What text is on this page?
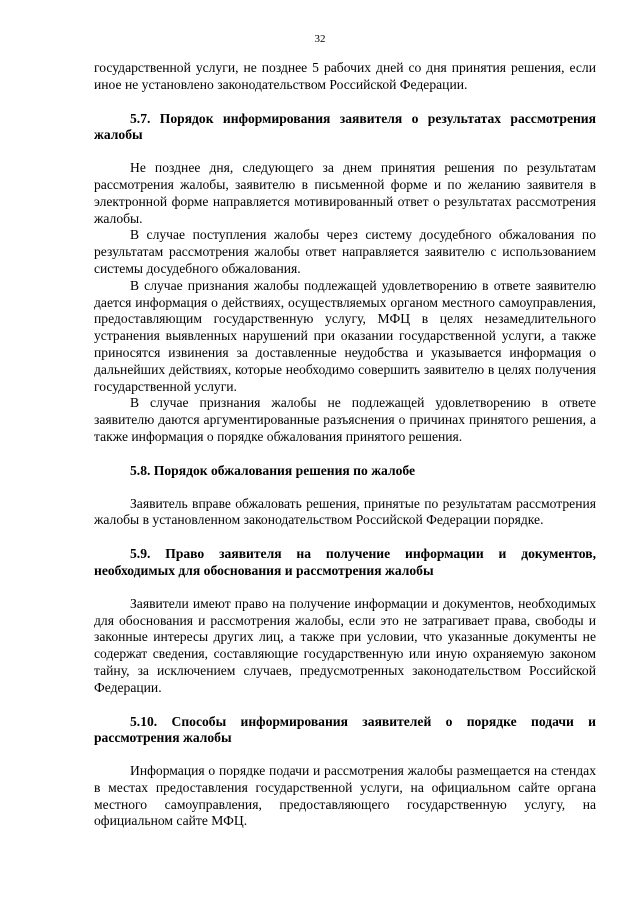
32

государственной услуги, не позднее 5 рабочих дней со дня принятия решения, если иное не установлено законодательством Российской Федерации.

5.7. Порядок информирования заявителя о результатах рассмотрения жалобы

Не позднее дня, следующего за днем принятия решения по результатам рассмотрения жалобы, заявителю в письменной форме и по желанию заявителя в электронной форме направляется мотивированный ответ о результатах рассмотрения жалобы.

В случае поступления жалобы через систему досудебного обжалования по результатам рассмотрения жалобы ответ направляется заявителю с использованием системы досудебного обжалования.

В случае признания жалобы подлежащей удовлетворению в ответе заявителю дается информация о действиях, осуществляемых органом местного самоуправления, предоставляющим государственную услугу, МФЦ в целях незамедлительного устранения выявленных нарушений при оказании государственной услуги, а также приносятся извинения за доставленные неудобства и указывается информация о дальнейших действиях, которые необходимо совершить заявителю в целях получения государственной услуги.

В случае признания жалобы не подлежащей удовлетворению в ответе заявителю даются аргументированные разъяснения о причинах принятого решения, а также информация о порядке обжалования принятого решения.

5.8. Порядок обжалования решения по жалобе

Заявитель вправе обжаловать решения, принятые по результатам рассмотрения жалобы в установленном законодательством Российской Федерации порядке.

5.9. Право заявителя на получение информации и документов, необходимых для обоснования и рассмотрения жалобы

Заявители имеют право на получение информации и документов, необходимых для обоснования и рассмотрения жалобы, если это не затрагивает права, свободы и законные интересы других лиц, а также при условии, что указанные документы не содержат сведения, составляющие государственную или иную охраняемую законом тайну, за исключением случаев, предусмотренных законодательством Российской Федерации.

5.10. Способы информирования заявителей о порядке подачи и рассмотрения жалобы

Информация о порядке подачи и рассмотрения жалобы размещается на стендах в местах предоставления государственной услуги, на официальном сайте органа местного самоуправления, предоставляющего государственную услугу, на официальном сайте МФЦ.
